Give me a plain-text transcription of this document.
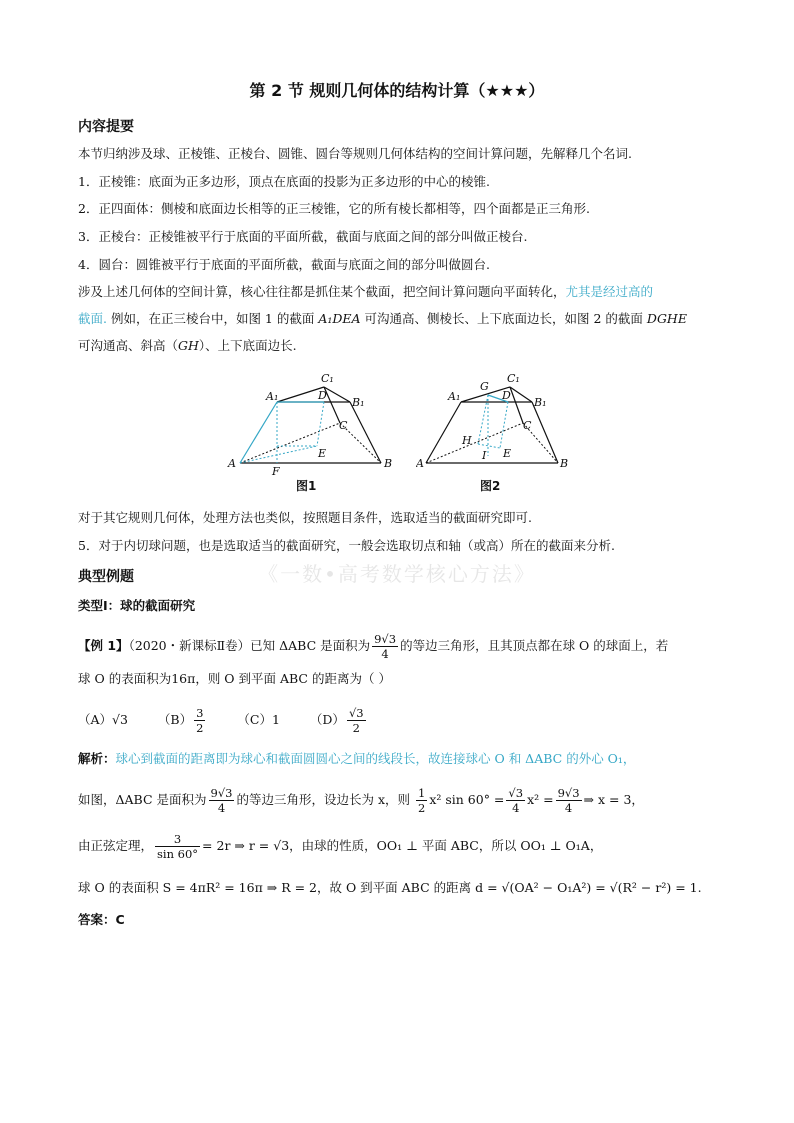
第 2 节 规则几何体的结构计算（★★★）
内容提要
本节归纳涉及球、正棱锥、正棱台、圆锥、圆台等规则几何体结构的空间计算问题，先解释几个名词.
1．正棱锥：底面为正多边形，顶点在底面的投影为正多边形的中心的棱锥.
2．正四面体：侧棱和底面边长相等的正三棱锥，它的所有棱长都相等，四个面都是正三角形.
3．正棱台：正棱锥被平行于底面的平面所截，截面与底面之间的部分叫做正棱台.
4．圆台：圆锥被平行于底面的平面所截，截面与底面之间的部分叫做圆台.
涉及上述几何体的空间计算，核心往往都是抓住某个截面，把空间计算问题向平面转化，尤其是经过高的
截面. 例如，在正三棱台中，如图 1 的截面 A₁DEA 可沟通高、侧棱长、上下底面边长，如图 2 的截面 DGHE
可沟通高、斜高（GH）、上下底面边长.
A₁
C₁
D
B₁
C
A
E
B
F
图1
G
C₁
A₁	D
B₁
C
H
I E
A	B
图2
对于其它规则几何体，处理方法也类似，按照题目条件，选取适当的截面研究即可.
5．对于内切球问题，也是选取适当的截面研究，一般会选取切点和轴（或高）所在的截面来分析.
《一数•高考数学核心方法》
典型例题
类型Ⅰ：球的截面研究
【例 1】（2020・新课标Ⅱ卷）已知 ΔABC 是面积为 $\frac{9√3}{4}$ 的等边三角形，且其顶点都在球 O 的球面上，若
球 O 的表面积为16π，则 O 到平面 ABC 的距离为（ ）
（A）√3 $(B) \frac{3}{2}$	（C）1 $(D) \frac{√3}{2}$
解析：球心到截面的距离即为球心和截面圆圆心之间的线段长，故连接球心 O 和 ΔABC 的外心 O₁，
如图，ΔABC 是面积为 $\frac{9√3}{4}$ 的等边三角形，设边长为 x，则 $\frac{1}{2} x^2$ $\sin 60^\circ = \frac{√3}{4} x^2 = \frac{9√3}{4}$ ⇒ x = 3，
由正弦定理， $\frac{3}{\sin 60^\circ} = 2r$ ⇒ r = √3，由球的性质，OO₁ ⊥ 平面 ABC，所以 OO₁ ⊥ O₁A，
球 O 的表面积 S = 4πR² = 16π ⇒ R = 2，故 O 到平面 ABC 的距离 d = √(OA² − O₁A²) = √(R² − r²) = 1.
答案：C
